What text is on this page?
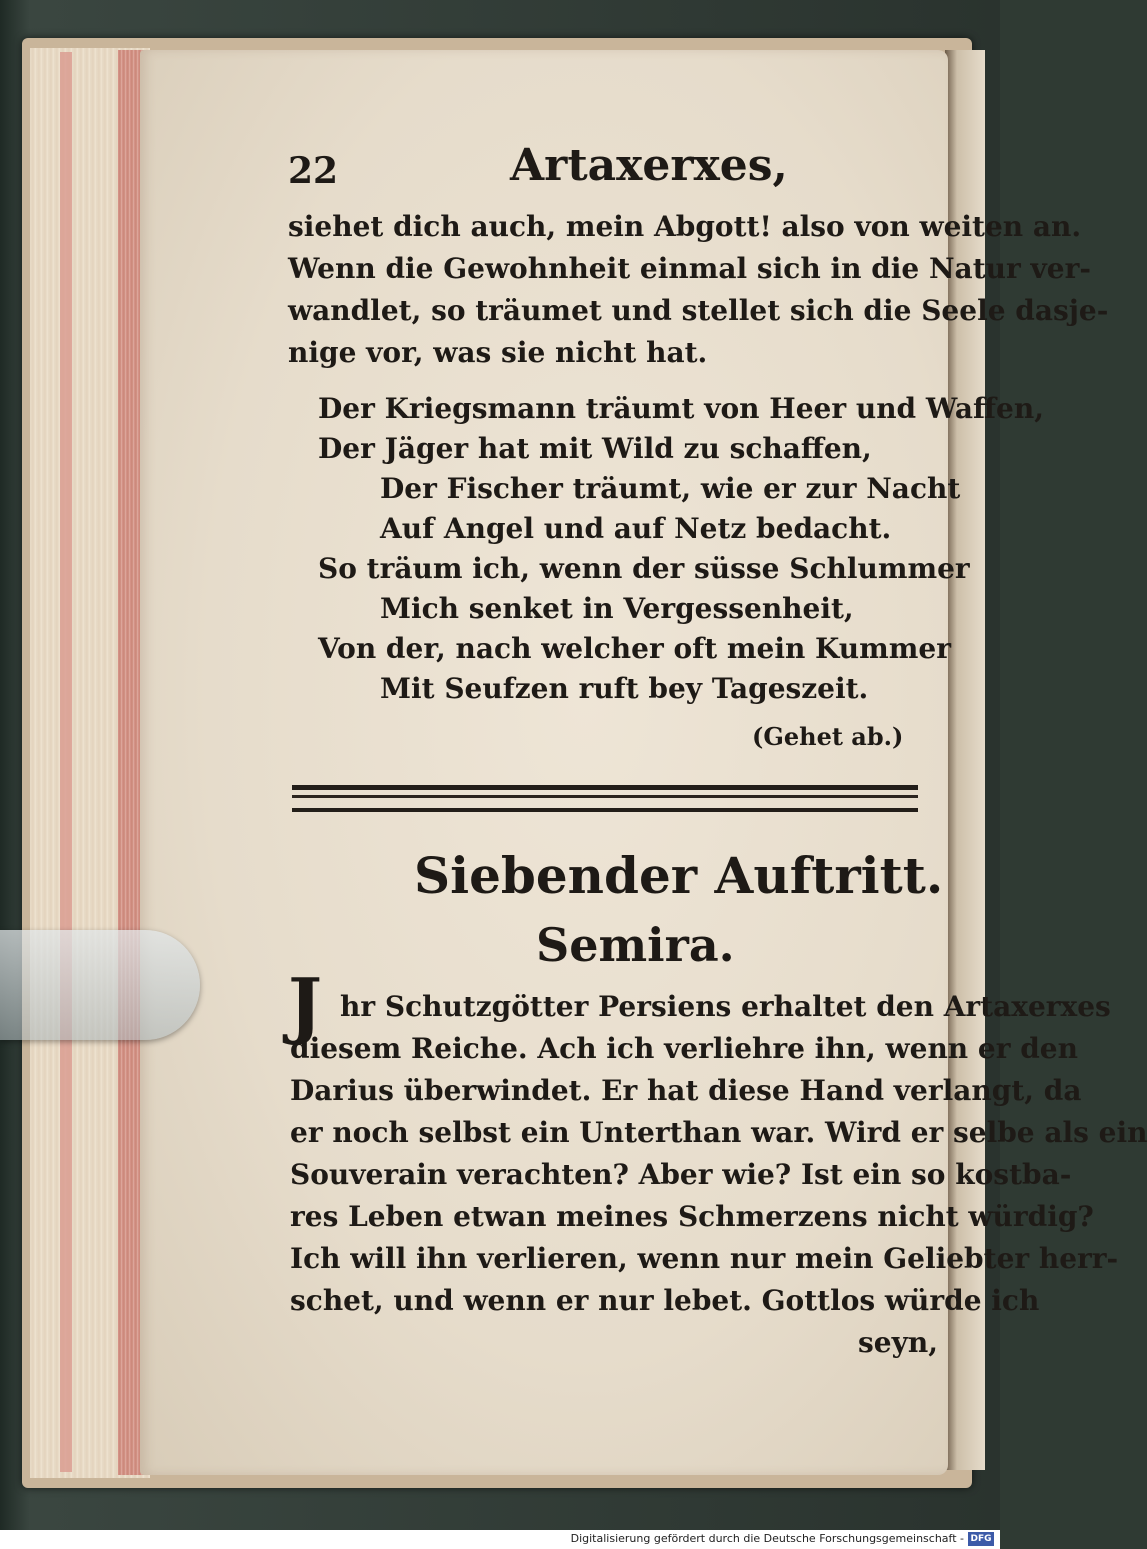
22	Artaxerxes,
siehet dich auch, mein Abgott! also von weiten an.
Wenn die Gewohnheit einmal sich in die Natur ver-
wandlet, so träumet und stellet sich die Seele dasje-
nige vor, was sie nicht hat.
Der Kriegsmann träumt von Heer und Waffen,
Der Jäger hat mit Wild zu schaffen,
Der Fischer träumt, wie er zur Nacht
Auf Angel und auf Netz bedacht.
So träum ich, wenn der süsse Schlummer
Mich senket in Vergessenheit,
Von der, nach welcher oft mein Kummer
Mit Seufzen ruft bey Tageszeit.
(Gehet ab.)
Siebender Auftritt.
Semira.
J hr Schutzgötter Persiens erhaltet den Artaxerxes
diesem Reiche. Ach ich verliehre ihn, wenn er den
Darius überwindet. Er hat diese Hand verlangt, da
er noch selbst ein Unterthan war. Wird er selbe als ein
Souverain verachten? Aber wie? Ist ein so kostba-
res Leben etwan meines Schmerzens nicht würdig?
Ich will ihn verlieren, wenn nur mein Geliebter herr-
schet, und wenn er nur lebet. Gottlos würde ich
seyn,
Digitalisierung gefördert durch die Deutsche Forschungsgemeinschaft - DFG
